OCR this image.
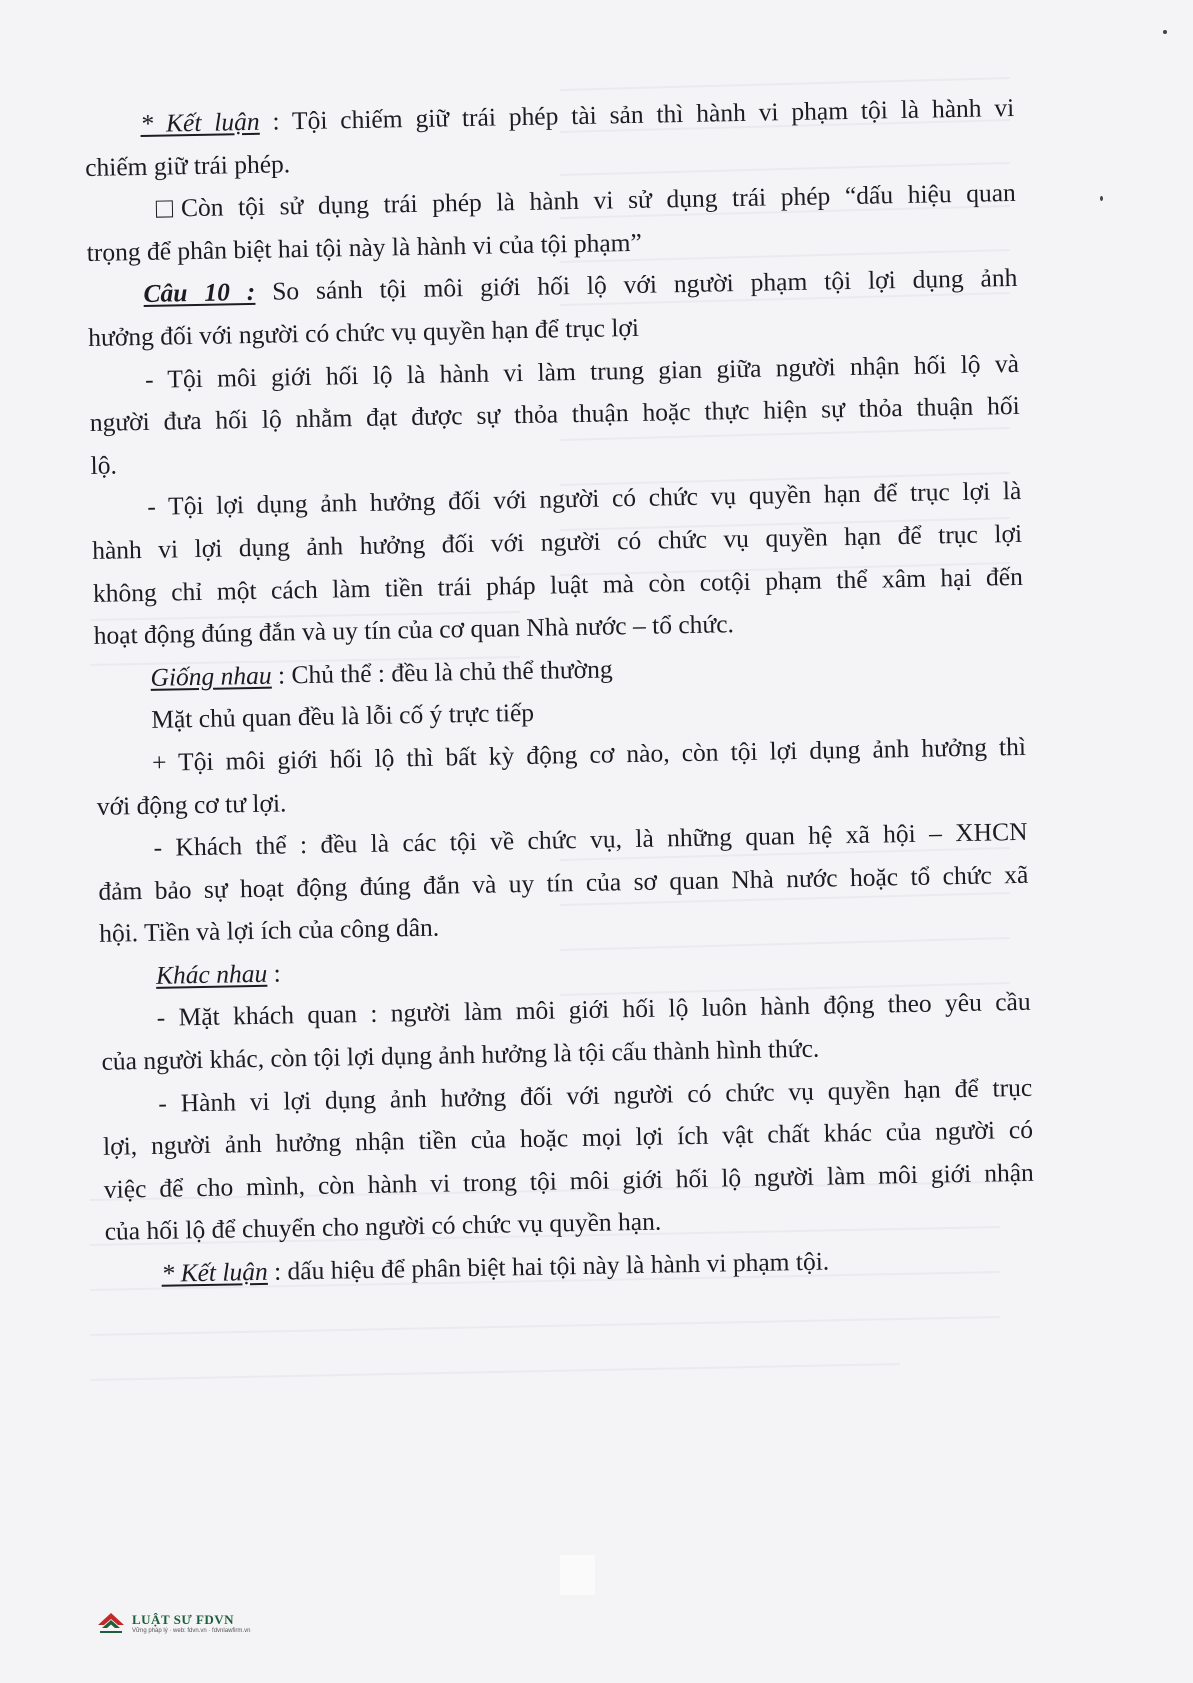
* Kết luận : Tội chiếm giữ trái phép tài sản thì hành vi phạm tội là hành vi
chiếm giữ trái phép.
Còn tội sử dụng trái phép là hành vi sử dụng trái phép “dấu hiệu quan
trọng để phân biệt hai tội này là hành vi của tội phạm”
Câu 10 : So sánh tội môi giới hối lộ với người phạm tội lợi dụng ảnh
hưởng đối với người có chức vụ quyền hạn để trục lợi
- Tội môi giới hối lộ là hành vi làm trung gian giữa người nhận hối lộ và
người đưa hối lộ nhằm đạt được sự thỏa thuận hoặc thực hiện sự thỏa thuận hối
lộ.
- Tội lợi dụng ảnh hưởng đối với người có chức vụ quyền hạn để trục lợi là
hành vi lợi dụng ảnh hưởng đối với người có chức vụ quyền hạn để trục lợi
không chỉ một cách làm tiền trái pháp luật mà còn cotội phạm thể xâm hại đến
hoạt động đúng đắn và uy tín của cơ quan Nhà nước – tổ chức.
Giống nhau : Chủ thể : đều là chủ thể thường
Mặt chủ quan đều là lỗi cố ý trực tiếp
+ Tội môi giới hối lộ thì bất kỳ động cơ nào, còn tội lợi dụng ảnh hưởng thì
với động cơ tư lợi.
- Khách thể : đều là các tội về chức vụ, là những quan hệ xã hội – XHCN
đảm bảo sự hoạt động đúng đắn và uy tín của sơ quan Nhà nước hoặc tổ chức xã
hội. Tiền và lợi ích của công dân.
Khác nhau :
- Mặt khách quan : người làm môi giới hối lộ luôn hành động theo yêu cầu
của người khác, còn tội lợi dụng ảnh hưởng là tội cấu thành hình thức.
- Hành vi lợi dụng ảnh hưởng đối với người có chức vụ quyền hạn để trục
lợi, người ảnh hưởng nhận tiền của hoặc mọi lợi ích vật chất khác của người có
việc để cho mình, còn hành vi trong tội môi giới hối lộ người làm môi giới nhận
của hối lộ để chuyển cho người có chức vụ quyền hạn.
* Kết luận : dấu hiệu để phân biệt hai tội này là hành vi phạm tội.
LUẬT SƯ FDVN
Vững pháp lý · web: fdvn.vn · fdvnlawfirm.vn
